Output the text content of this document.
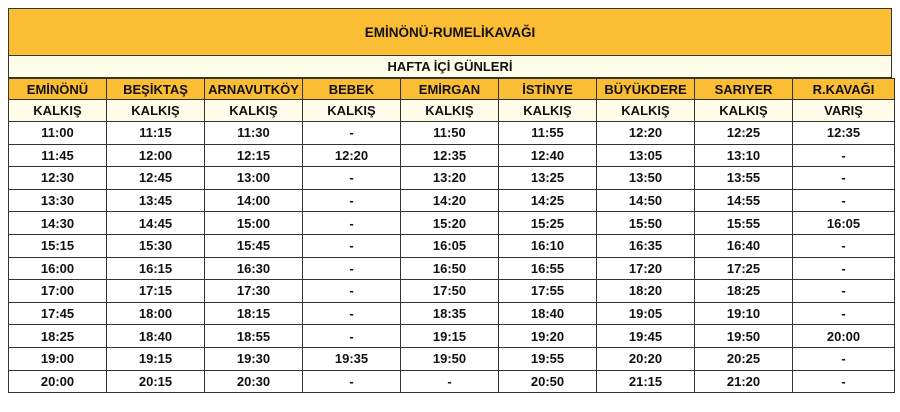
EMİNÖNÜ-RUMELİKAVAĞI
HAFTA İÇİ GÜNLERİ
EMİNÖNÜ	BEŞİKTAŞ	ARNAVUTKÖY	BEBEK	EMİRGAN	İSTİNYE	BÜYÜKDERE	SARIYER	R.KAVAĞI
KALKIŞ	KALKIŞ	KALKIŞ	KALKIŞ	KALKIŞ	KALKIŞ	KALKIŞ	KALKIŞ	VARIŞ
11:00	11:15	11:30	-	11:50	11:55	12:20	12:25	12:35
11:45	12:00	12:15	12:20	12:35	12:40	13:05	13:10	-
12:30	12:45	13:00	-	13:20	13:25	13:50	13:55	-
13:30	13:45	14:00	-	14:20	14:25	14:50	14:55	-
14:30	14:45	15:00	-	15:20	15:25	15:50	15:55	16:05
15:15	15:30	15:45	-	16:05	16:10	16:35	16:40	-
16:00	16:15	16:30	-	16:50	16:55	17:20	17:25	-
17:00	17:15	17:30	-	17:50	17:55	18:20	18:25	-
17:45	18:00	18:15	-	18:35	18:40	19:05	19:10	-
18:25	18:40	18:55	-	19:15	19:20	19:45	19:50	20:00
19:00	19:15	19:30	19:35	19:50	19:55	20:20	20:25	-
20:00	20:15	20:30	-	-	20:50	21:15	21:20	-
